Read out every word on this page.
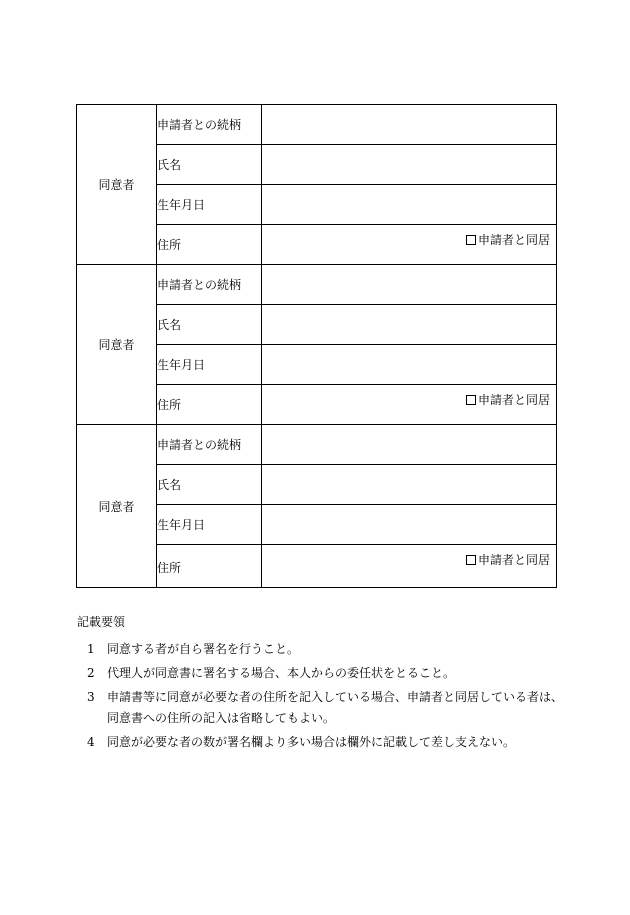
同意者	申請者との続柄	
	氏名	
	生年月日	
	住所	申請者と同居

同意者	申請者との続柄	
	氏名	
	生年月日	
	住所	申請者と同居

同意者	申請者との続柄	
	氏名	
	生年月日	
	住所	申請者と同居
記載要領
1	同意する者が自ら署名を行うこと。
2	代理人が同意書に署名する場合、本人からの委任状をとること。
3	申請書等に同意が必要な者の住所を記入している場合、申請者と同居している者は、同意書への住所の記入は省略してもよい。
4	同意が必要な者の数が署名欄より多い場合は欄外に記載して差し支えない。
